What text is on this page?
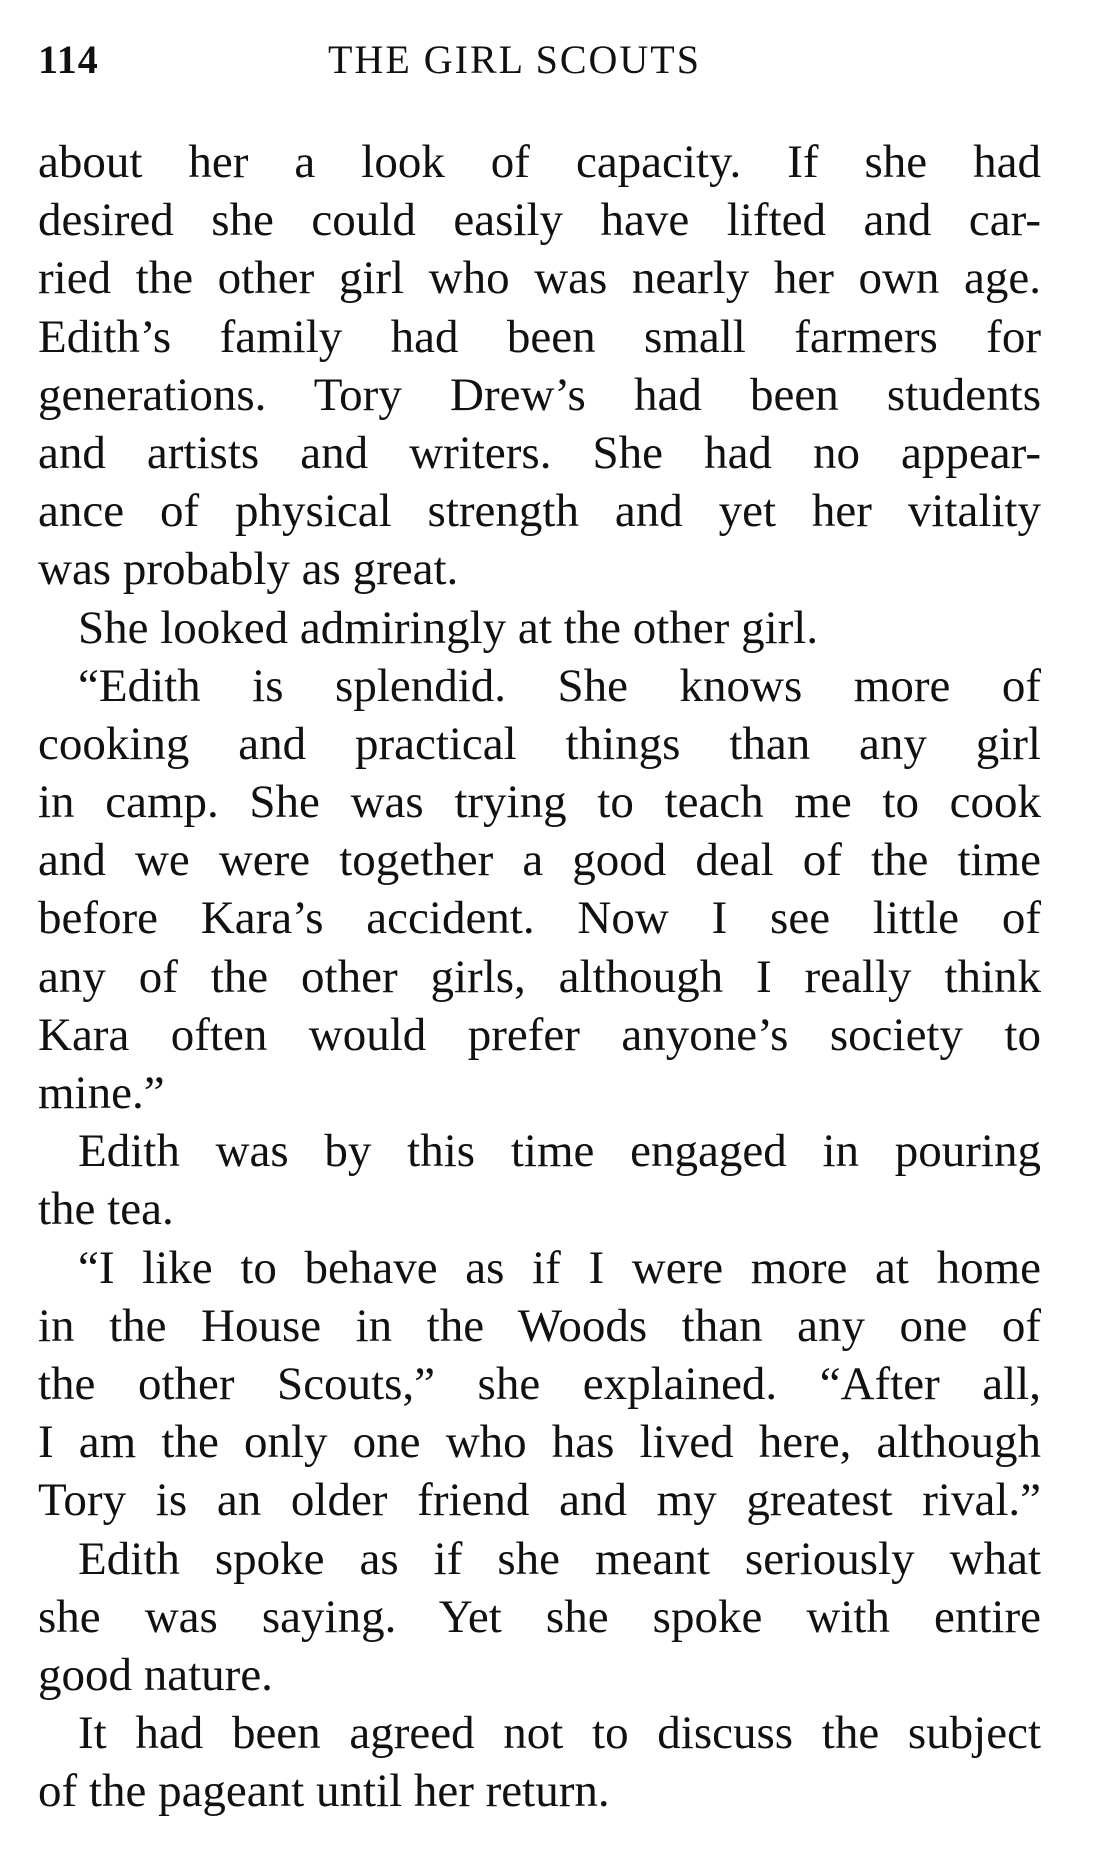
114	THE GIRL SCOUTS
about her a look of capacity. If she had
desired she could easily have lifted and car-
ried the other girl who was nearly her own age.
Edith’s family had been small farmers for
generations. Tory Drew’s had been students
and artists and writers. She had no appear-
ance of physical strength and yet her vitality
was probably as great.
She looked admiringly at the other girl.
“Edith is splendid. She knows more of
cooking and practical things than any girl
in camp. She was trying to teach me to cook
and we were together a good deal of the time
before Kara’s accident. Now I see little of
any of the other girls, although I really think
Kara often would prefer anyone’s society to
mine.”
Edith was by this time engaged in pouring
the tea.
“I like to behave as if I were more at home
in the House in the Woods than any one of
the other Scouts,” she explained. “After all,
I am the only one who has lived here, although
Tory is an older friend and my greatest rival.”
Edith spoke as if she meant seriously what
she was saying. Yet she spoke with entire
good nature.
It had been agreed not to discuss the subject
of the pageant until her return.
